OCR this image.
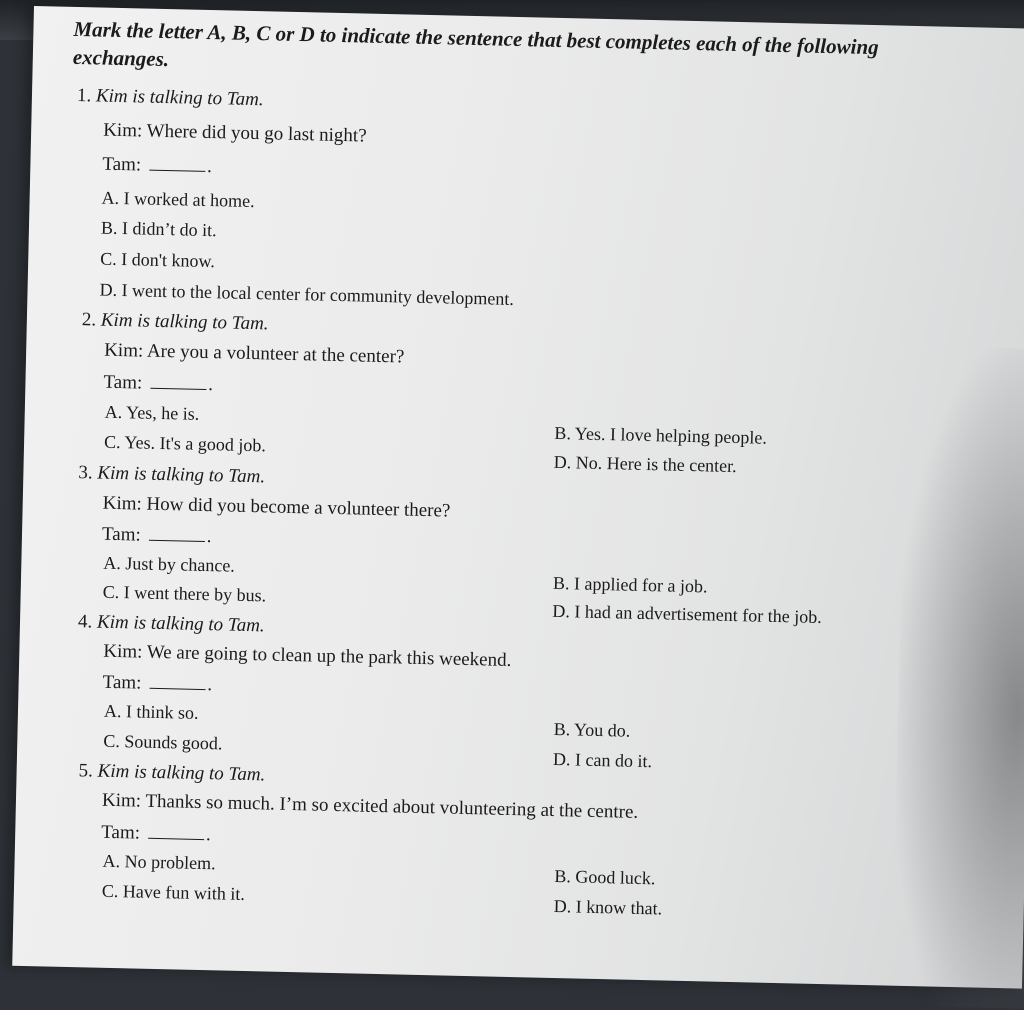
Mark the letter A, B, C or D to indicate the sentence that best completes each of the following exchanges.

1. Kim is talking to Tam.
Kim: Where did you go last night?
Tam:	.
A. I worked at home.
B. I didn’t do it.
C. I don't know.
D. I went to the local center for community development.
2. Kim is talking to Tam.
Kim: Are you a volunteer at the center?
Tam:	.
A. Yes, he is.
B. Yes. I love helping people.
C. Yes. It's a good job.
D. No. Here is the center.
3. Kim is talking to Tam.
Kim: How did you become a volunteer there?
Tam:	.
A. Just by chance.
B. I applied for a job.
C. I went there by bus.
D. I had an advertisement for the job.
4. Kim is talking to Tam.
Kim: We are going to clean up the park this weekend.
Tam:	.
A. I think so.
B. You do.
C. Sounds good.
D. I can do it.
5. Kim is talking to Tam.
Kim: Thanks so much. I’m so excited about volunteering at the centre.
Tam:	.
A. No problem.
B. Good luck.
C. Have fun with it.
D. I know that.
